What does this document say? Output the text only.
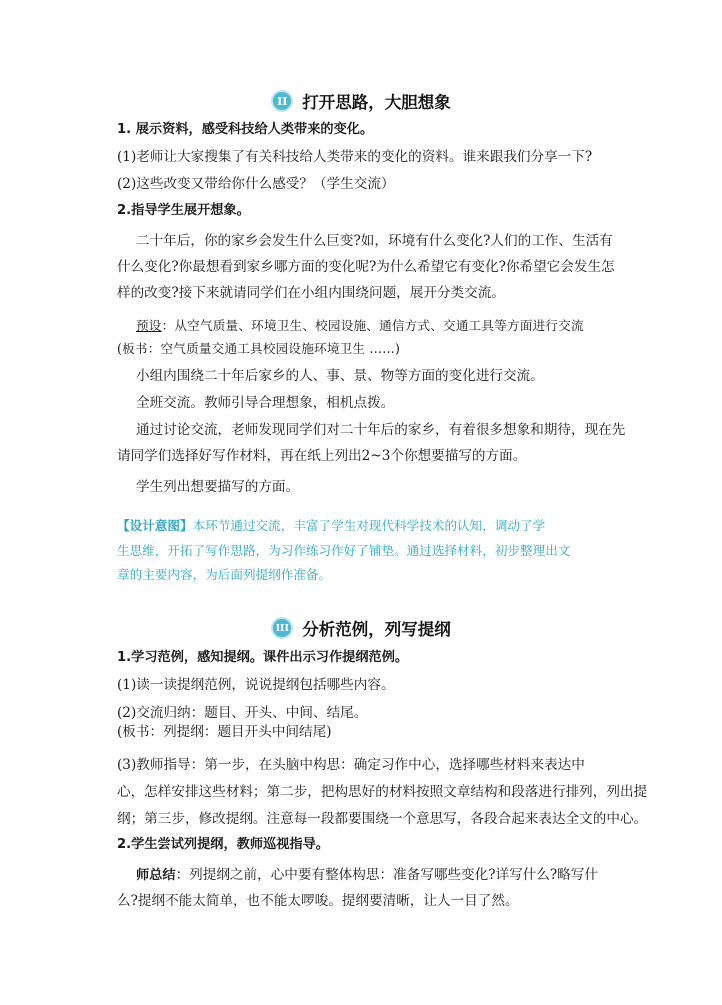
II 打开思路，大胆想象
1. 展示资料，感受科技给人类带来的变化。
(1)老师让大家搜集了有关科技给人类带来的变化的资料。谁来跟我们分享一下?
(2)这些改变又带给你什么感受？（学生交流）
2.指导学生展开想象。
二十年后，你的家乡会发生什么巨变?如，环境有什么变化?人们的工作、生活有
什么变化?你最想看到家乡哪方面的变化呢?为什么希望它有变化?你希望它会发生怎
样的改变?接下来就请同学们在小组内围绕问题，展开分类交流。
预设：从空气质量、环境卫生、校园设施、通信方式、交通工具等方面进行交流
(板书：空气质量交通工具校园设施环境卫生 ……)
小组内围绕二十年后家乡的人、事、景、物等方面的变化进行交流。
全班交流。教师引导合理想象，相机点拨。
通过讨论交流，老师发现同学们对二十年后的家乡，有着很多想象和期待，现在先
请同学们选择好写作材料，再在纸上列出2~3个你想要描写的方面。
学生列出想要描写的方面。
【设计意图】本环节通过交流，丰富了学生对现代科学技术的认知，调动了学
生思维，开拓了写作思路，为习作练习作好了铺垫。通过选择材料，初步整理出文
章的主要内容，为后面列提纲作准备。
III 分析范例，列写提纲
1.学习范例，感知提纲。课件出示习作提纲范例。
(1)读一读提纲范例，说说提纲包括哪些内容。
(2)交流归纳：题目、开头、中间、结尾。
(板书：列提纲：题目开头中间结尾)
(3)教师指导：第一步，在头脑中构思：确定习作中心，选择哪些材料来表达中
心，怎样安排这些材料；第二步，把构思好的材料按照文章结构和段落进行排列，列出提
纲；第三步，修改提纲。注意每一段都要围绕一个意思写，各段合起来表达全文的中心。
2.学生尝试列提纲，教师巡视指导。
师总结：列提纲之前，心中要有整体构思：准备写哪些变化?详写什么?略写什
么?提纲不能太简单，也不能太啰唆。提纲要清晰，让人一目了然。
